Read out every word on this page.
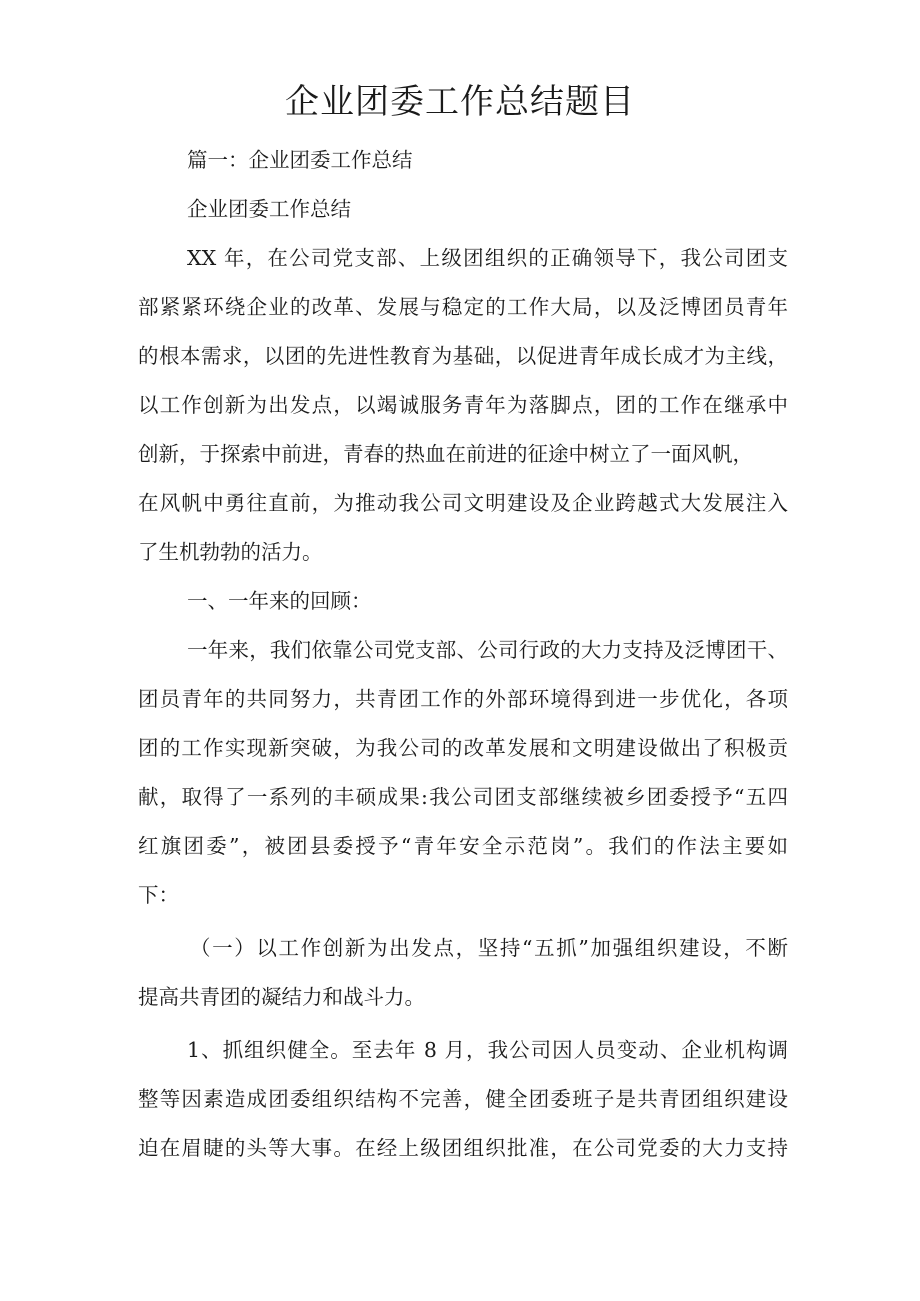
企业团委工作总结题目

篇一：企业团委工作总结

企业团委工作总结

XX 年，在公司党支部、上级团组织的正确领导下，我公司团支

部紧紧环绕企业的改革、发展与稳定的工作大局，以及泛博团员青年

的根本需求，以团的先进性教育为基础，以促进青年成长成才为主线，

以工作创新为出发点，以竭诚服务青年为落脚点，团的工作在继承中

创新，于探索中前进，青春的热血在前进的征途中树立了一面风帆，

在风帆中勇往直前，为推动我公司文明建设及企业跨越式大发展注入

了生机勃勃的活力。

一、一年来的回顾：

一年来，我们依靠公司党支部、公司行政的大力支持及泛博团干、

团员青年的共同努力，共青团工作的外部环境得到进一步优化，各项

团的工作实现新突破，为我公司的改革发展和文明建设做出了积极贡

献，取得了一系列的丰硕成果:我公司团支部继续被乡团委授予“五四

红旗团委”，被团县委授予“青年安全示范岗”。我们的作法主要如

下：

（一）以工作创新为出发点，坚持“五抓”加强组织建设，不断

提高共青团的凝结力和战斗力。

1、抓组织健全。至去年 8 月，我公司因人员变动、企业机构调

整等因素造成团委组织结构不完善，健全团委班子是共青团组织建设

迫在眉睫的头等大事。在经上级团组织批准，在公司党委的大力支持
